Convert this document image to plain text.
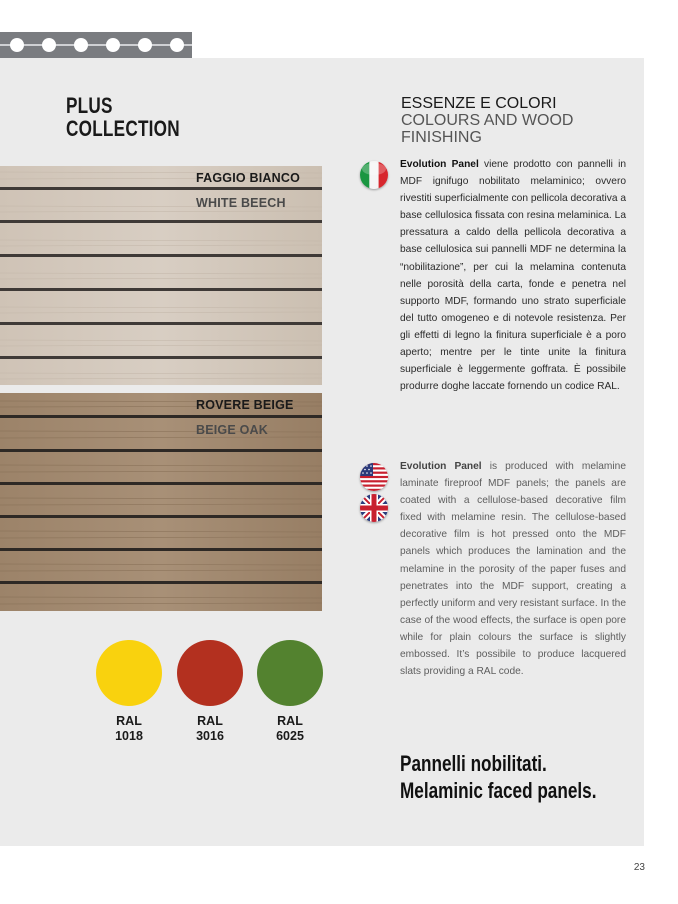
PLUS
COLLECTION
ESSENZE E COLORI
COLOURS AND WOOD
FINISHING
FAGGIO BIANCO
WHITE BEECH
ROVERE BEIGE
BEIGE OAK
Evolution Panel viene prodotto con pannelli in MDF ignifugo nobilitato melaminico; ovvero rivestiti superficialmente con pellicola decorativa a base cellulosica fissata con resina melaminica. La pressatura a caldo della pellicola decorativa a base cellulosica sui pannelli MDF ne determina la “nobilitazione”, per cui la melamina contenuta nelle porosità della carta, fonde e penetra nel supporto MDF, formando uno strato superficiale del tutto omogeneo e di notevole resistenza. Per gli effetti di legno la finitura superficiale è a poro aperto; mentre per le tinte unite la finitura superficiale è leggermente goffrata. È possibile produrre doghe laccate fornendo un codice RAL.
Evolution Panel is produced with melamine laminate fireproof MDF panels; the panels are coated with a cellulose-based decorative film fixed with melamine resin. The cellulose-based decorative film is hot pressed onto the MDF panels which produces the lamination and the melamine in the porosity of the paper fuses and penetrates into the MDF support, creating a perfectly uniform and very resistant surface. In the case of the wood effects, the surface is open pore while for plain colours the surface is slightly embossed. It’s possibile to produce lacquered slats providing a RAL code.
RAL
1018
RAL
3016
RAL
6025
Pannelli nobilitati.
Melaminic faced panels.
23
